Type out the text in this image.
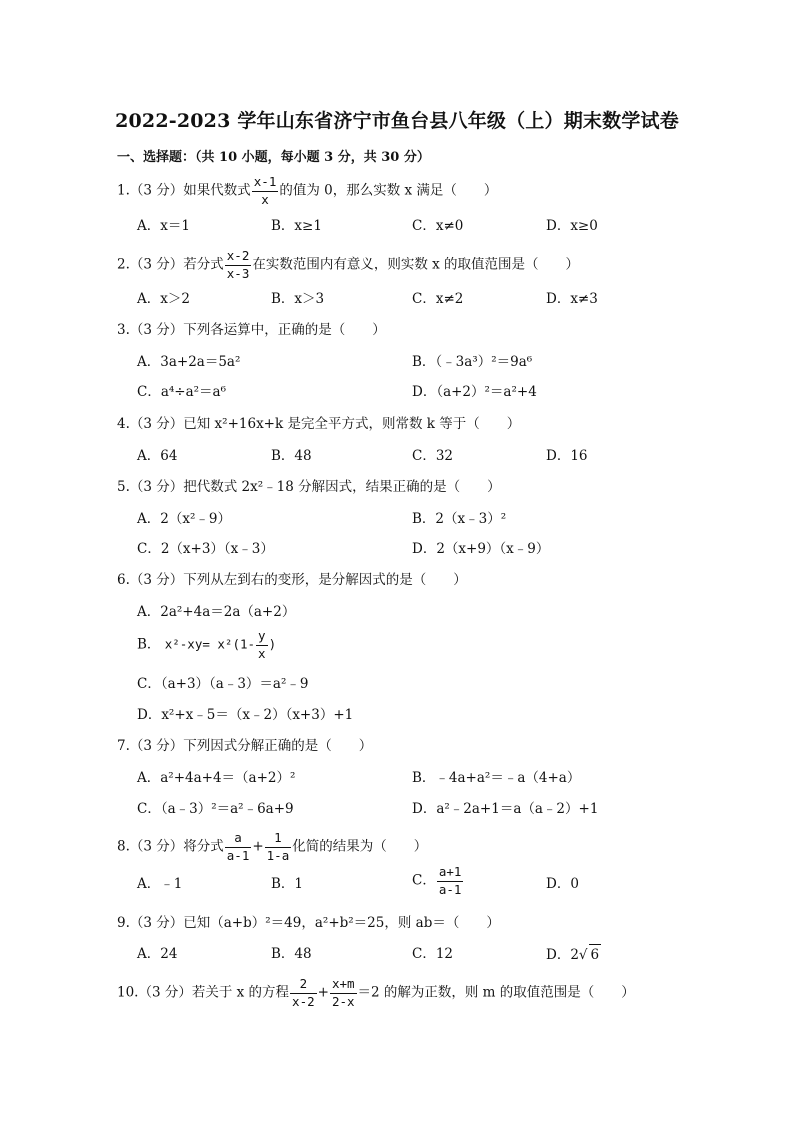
2022-2023 学年山东省济宁市鱼台县八年级（上）期末数学试卷
一、选择题：（共 10 小题，每小题 3 分，共 30 分）
1.（3 分）如果代数式 $\frac{x-1}{x}$ 的值为 0，那么实数 x 满足（　　）
A．x＝1	B．x≥1	C．x≠0	D．x≥0
2.（3 分）若分式 $\frac{x-2}{x-3}$ 在实数范围内有意义，则实数 x 的取值范围是（　　）
A．x＞2	B．x＞3	C．x≠2	D．x≠3
3.（3 分）下列各运算中，正确的是（　　）
A．3a+2a＝5a²	B．（﹣3a³）²＝9a⁶
C．a⁴÷a²＝a⁶	D．（a+2）²＝a²+4
4.（3 分）已知 x²+16x+k 是完全平方式，则常数 k 等于（　　）
A．64	B．48	C．32	D．16
5.（3 分）把代数式 2x²﹣18 分解因式，结果正确的是（　　）
A．2（x²﹣9）	B．2（x﹣3）²
C．2（x+3）（x﹣3）	D．2（x+9）（x﹣9）
6.（3 分）下列从左到右的变形，是分解因式的是（　　）
A．2a²+4a＝2a（a+2）
B． $x^2-xy= x^2(1- \frac{y}{x}$ )
C．（a+3）（a﹣3）＝a²﹣9
D．x²+x﹣5＝（x﹣2）（x+3）+1
7.（3 分）下列因式分解正确的是（　　）
A．a²+4a+4＝（a+2）²	B．﹣4a+a²＝﹣a（4+a）
C．（a﹣3）²＝a²﹣6a+9	D．a²﹣2a+1＝a（a﹣2）+1
8.（3 分）将分式 $\frac{a}{a-1} + \frac{1}{1-a}$ 化简的结果为（　　）
A．﹣1	B．1	C． $\frac{a+1}{a-1}$	D．0
9.（3 分）已知（a+b）²＝49，a²+b²＝25，则 ab＝（　　）
A．24	B．48	C．12	D．2√ 6
10.（3 分）若关于 x 的方程 $\frac{2}{x-2} + \frac{x+m}{2-x} =2$ 的解为正数，则 m 的取值范围是（　　）
